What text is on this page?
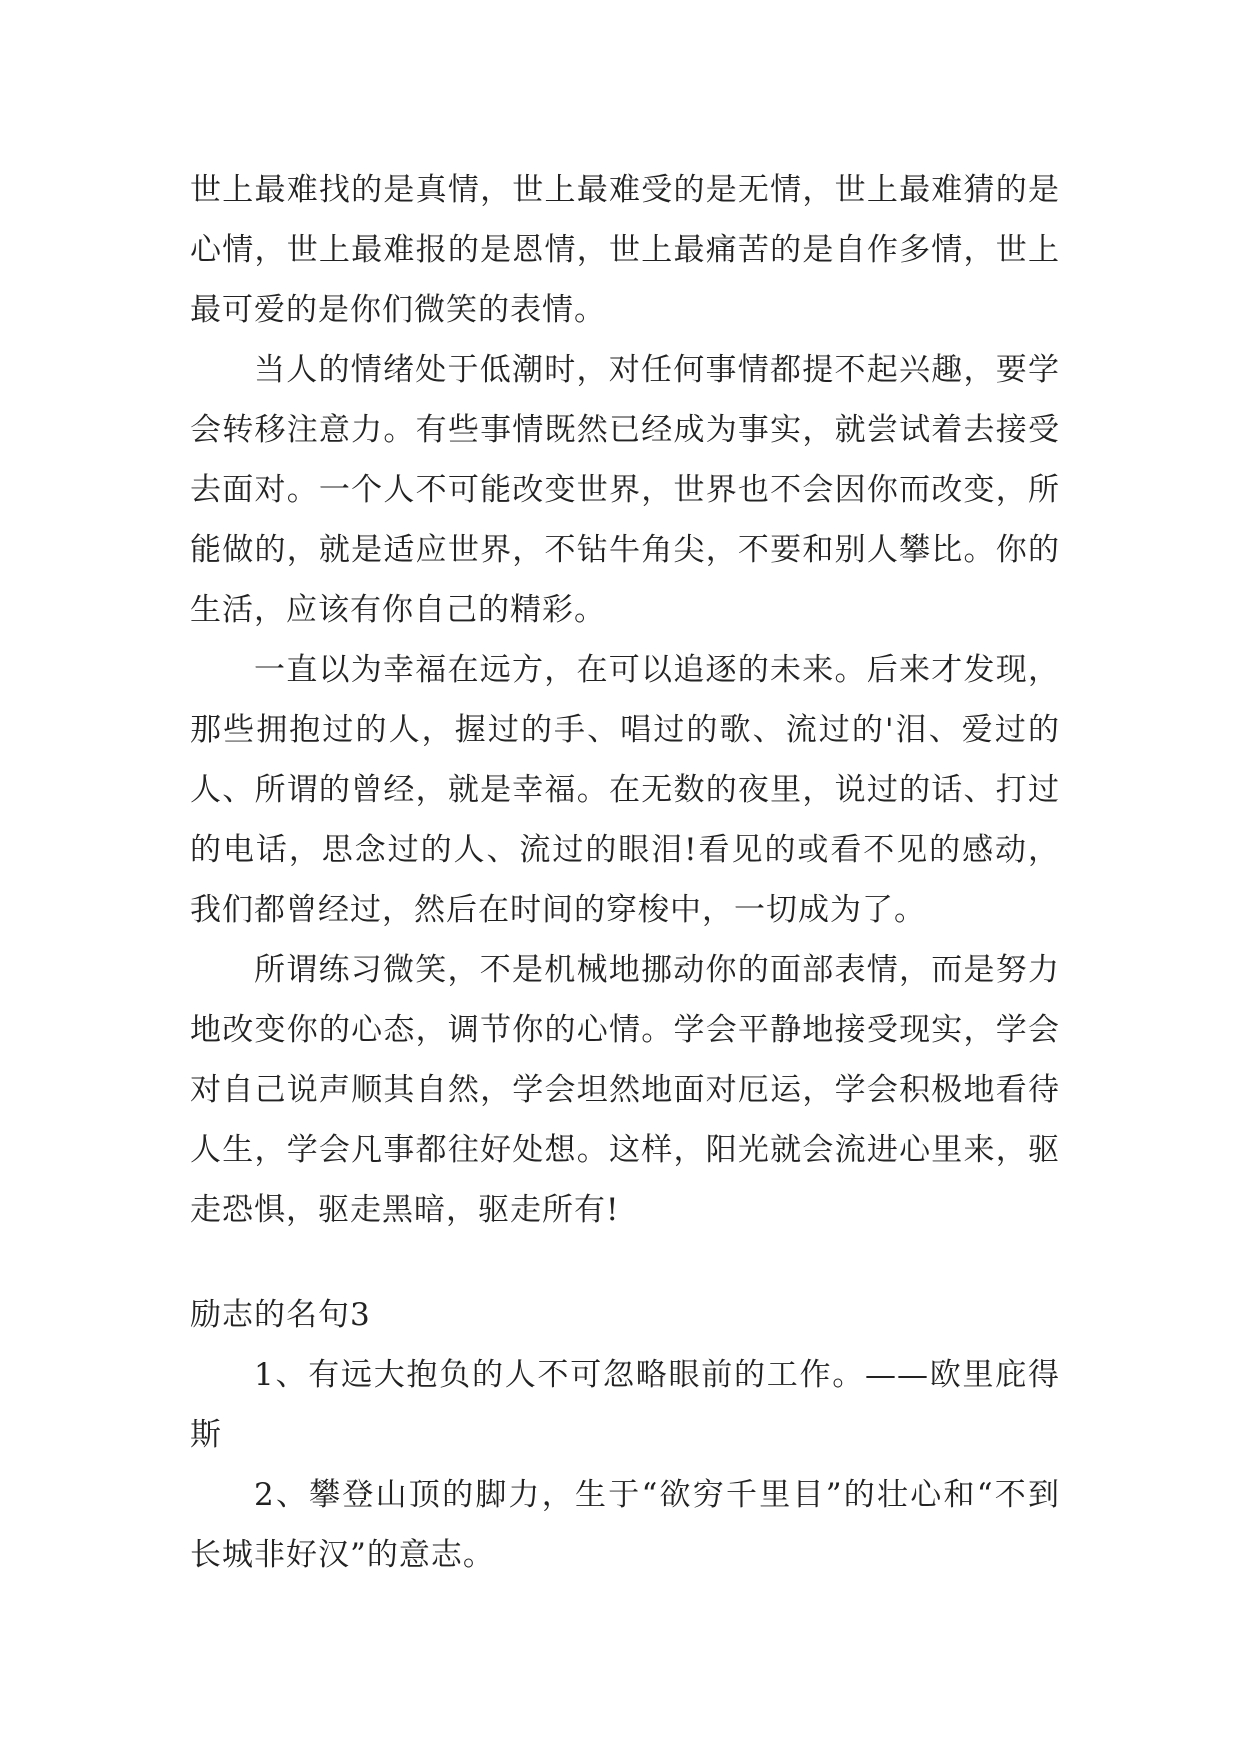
世上最难找的是真情，世上最难受的是无情，世上最难猜的是心情，世上最难报的是恩情，世上最痛苦的是自作多情，世上最可爱的是你们微笑的表情。

当人的情绪处于低潮时，对任何事情都提不起兴趣，要学会转移注意力。有些事情既然已经成为事实，就尝试着去接受去面对。一个人不可能改变世界，世界也不会因你而改变，所能做的，就是适应世界，不钻牛角尖，不要和别人攀比。你的生活，应该有你自己的精彩。

一直以为幸福在远方，在可以追逐的未来。后来才发现，那些拥抱过的人，握过的手、唱过的歌、流过的'泪、爱过的人、所谓的曾经，就是幸福。在无数的夜里，说过的话、打过的电话，思念过的人、流过的眼泪!看见的或看不见的感动，我们都曾经过，然后在时间的穿梭中，一切成为了。

所谓练习微笑，不是机械地挪动你的面部表情，而是努力地改变你的心态，调节你的心情。学会平静地接受现实，学会对自己说声顺其自然，学会坦然地面对厄运，学会积极地看待人生，学会凡事都往好处想。这样，阳光就会流进心里来，驱走恐惧，驱走黑暗，驱走所有!

励志的名句3

1、有远大抱负的人不可忽略眼前的工作。——欧里庇得斯

2、攀登山顶的脚力，生于“欲穷千里目”的壮心和“不到长城非好汉”的意志。
